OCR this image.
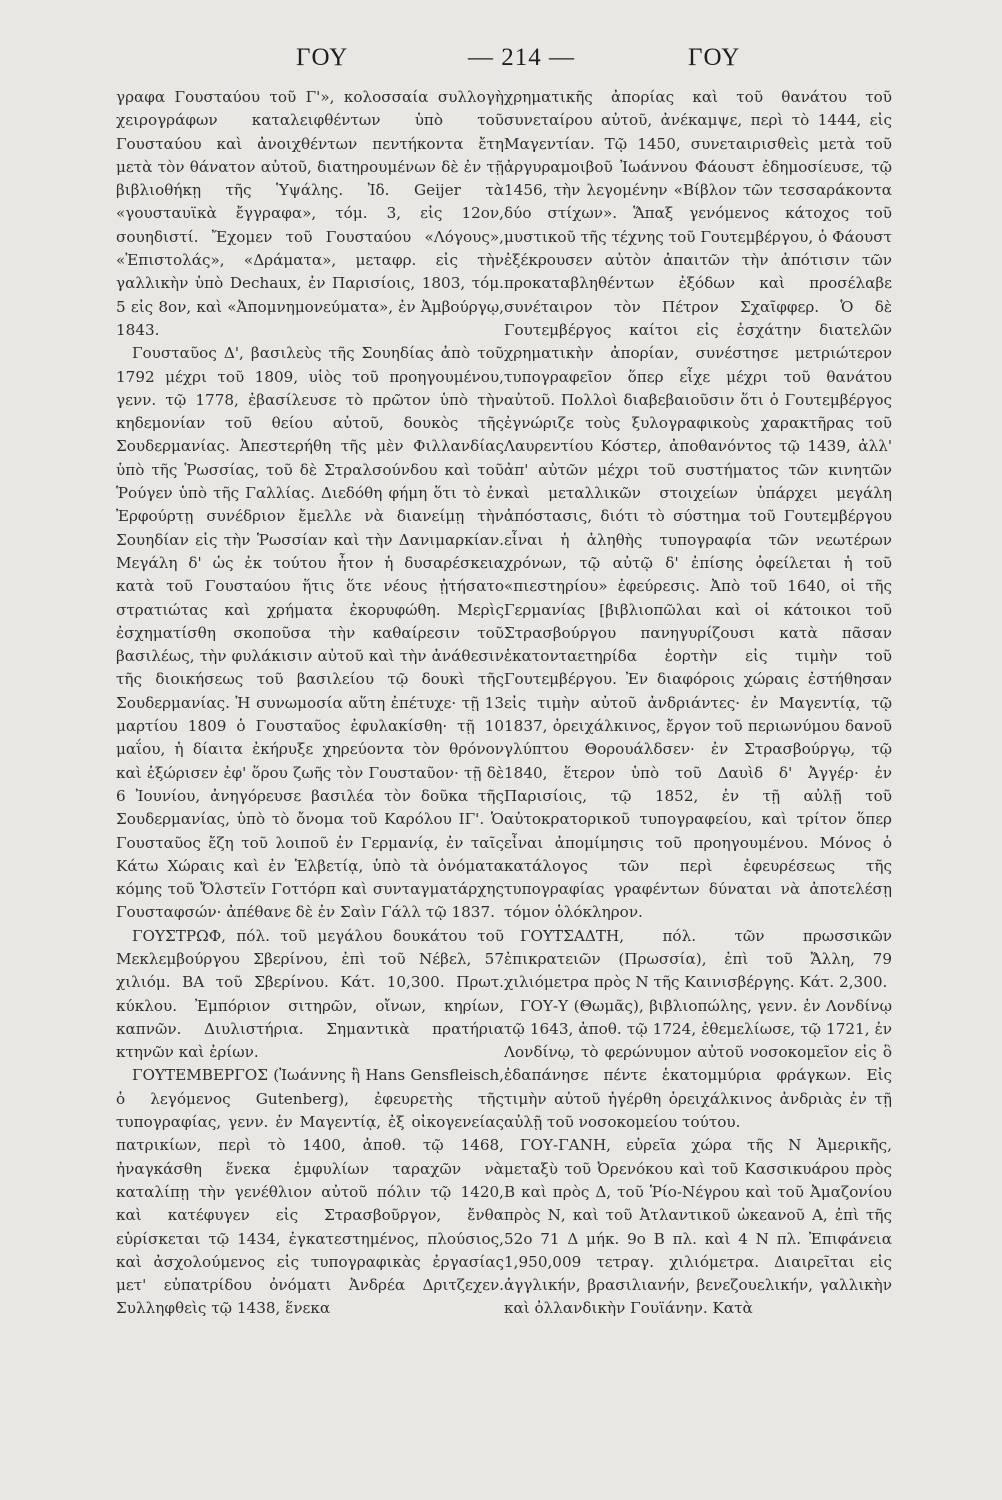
ΓΟΥ	— 214 —	ΓΟΥ

γραφα Γουσταύου τοῦ Γ'», κολοσσαία συλλογὴ χειρογράφων καταλειφθέντων ὑπὸ τοῦ Γουσταύου καὶ ἀνοιχθέντων πεντήκοντα ἔτη μετὰ τὸν θάνατον αὐτοῦ, διατηρουμένων δὲ ἐν τῇ βιβλιοθήκῃ τῆς Ὑψάλης. Ἰδ. Geijer τὰ «γουσταυϊκὰ ἔγγραφα», τόμ. 3, εἰς 12ον, σουηδιστί. Ἔχομεν τοῦ Γουσταύου «Λόγους», «Ἐπιστολάς», «Δράματα», μεταφρ. εἰς τὴν γαλλικὴν ὑπὸ Dechaux, ἐν Παρισίοις, 1803, τόμ. 5 εἰς 8ον, καὶ «Ἀπομνημονεύματα», ἐν Ἀμβούργῳ, 1843.

Γουσταῦος Δ', βασιλεὺς τῆς Σουηδίας ἀπὸ τοῦ 1792 μέχρι τοῦ 1809, υἱὸς τοῦ προηγουμένου, γενν. τῷ 1778, ἐβασίλευσε τὸ πρῶτον ὑπὸ τὴν κηδεμονίαν τοῦ θείου αὐτοῦ, δουκὸς τῆς Σουδερμανίας. Ἀπεστερήθη τῆς μὲν Φιλλανδίας ὑπὸ τῆς Ῥωσσίας, τοῦ δὲ Στραλσούνδου καὶ τοῦ Ῥούγεν ὑπὸ τῆς Γαλλίας. Διεδόθη φήμη ὅτι τὸ ἐν Ἐρφούρτῃ συνέδριον ἔμελλε νὰ διανείμῃ τὴν Σουηδίαν εἰς τὴν Ῥωσσίαν καὶ τὴν Δανιμαρκίαν. Μεγάλη δ' ὡς ἐκ τούτου ἦτον ἡ δυσαρέσκεια κατὰ τοῦ Γουσταύου ἥτις ὅτε νέους ᾐτήσατο στρατιώτας καὶ χρήματα ἐκορυφώθη. Μερὶς ἐσχηματίσθη σκοποῦσα τὴν καθαίρεσιν τοῦ βασιλέως, τὴν φυλάκισιν αὐτοῦ καὶ τὴν ἀνάθεσιν τῆς διοικήσεως τοῦ βασιλείου τῷ δουκὶ τῆς Σουδερμανίας. Ἡ συνωμοσία αὕτη ἐπέτυχε· τῇ 13 μαρτίου 1809 ὁ Γουσταῦος ἐφυλακίσθη· τῇ 10 μαΐου, ἡ δίαιτα ἐκήρυξε χηρεύοντα τὸν θρόνον καὶ ἐξώρισεν ἐφ' ὅρου ζωῆς τὸν Γουσταῦον· τῇ δὲ 6 Ἰουνίου, ἀνηγόρευσε βασιλέα τὸν δοῦκα τῆς Σουδερμανίας, ὑπὸ τὸ ὄνομα τοῦ Καρόλου ΙΓ'. Ὁ Γουσταῦος ἔζη τοῦ λοιποῦ ἐν Γερμανίᾳ, ἐν ταῖς Κάτω Χώραις καὶ ἐν Ἑλβετίᾳ, ὑπὸ τὰ ὀνόματα κόμης τοῦ Ὄλστεϊν Γοττόρπ καὶ συνταγματάρχης Γουσταφσών· ἀπέθανε δὲ ἐν Σαὶν Γάλλ τῷ 1837.

ΓΟΥΣΤΡΩΦ, πόλ. τοῦ μεγάλου δουκάτου τοῦ Μεκλεμβούργου Σβερίνου, ἐπὶ τοῦ Νέβελ, 57 χιλιόμ. ΒΑ τοῦ Σβερίνου. Κάτ. 10,300. Πρωτ. κύκλου. Ἐμπόριον σιτηρῶν, οἴνων, κηρίων, καπνῶν. Διυλιστήρια. Σημαντικὰ πρατήρια κτηνῶν καὶ ἐρίων.

ΓΟΥΤΕΜΒΕΡΓΟΣ (Ἰωάννης ἢ Hans Gensfleisch, ὁ λεγόμενος Gutenberg), ἐφευρετὴς τῆς τυπογραφίας, γενν. ἐν Μαγεντίᾳ, ἐξ οἰκογενείας πατρικίων, περὶ τὸ 1400, ἀποθ. τῷ 1468, ἠναγκάσθη ἕνεκα ἐμφυλίων ταραχῶν νὰ καταλίπῃ τὴν γενέθλιον αὐτοῦ πόλιν τῷ 1420, καὶ κατέφυγεν εἰς Στρασβοῦργον, ἔνθα εὑρίσκεται τῷ 1434, ἐγκατεστημένος, πλούσιος, καὶ ἀσχολούμενος εἰς τυπογραφικὰς ἐργασίας μετ' εὐπατρίδου ὀνόματι Ἀνδρέα Δριτζεχεν. Συλληφθεὶς τῷ 1438, ἕνεκα

χρηματικῆς ἀπορίας καὶ τοῦ θανάτου τοῦ συνεταίρου αὐτοῦ, ἀνέκαμψε, περὶ τὸ 1444, εἰς Μαγεντίαν. Τῷ 1450, συνεταιρισθεὶς μετὰ τοῦ ἀργυραμοιβοῦ Ἰωάννου Φάουστ ἐδημοσίευσε, τῷ 1456, τὴν λεγομένην «Βίβλον τῶν τεσσαράκοντα δύο στίχων». Ἅπαξ γενόμενος κάτοχος τοῦ μυστικοῦ τῆς τέχνης τοῦ Γουτεμβέργου, ὁ Φάουστ ἐξέκρουσεν αὐτὸν ἀπαιτῶν τὴν ἀπότισιν τῶν προκαταβληθέντων ἐξόδων καὶ προσέλαβε συνέταιρον τὸν Πέτρον Σχαῖφφερ. Ὁ δὲ Γουτεμβέργος καίτοι εἰς ἐσχάτην διατελῶν χρηματικὴν ἀπορίαν, συνέστησε μετριώτερον τυπογραφεῖον ὅπερ εἶχε μέχρι τοῦ θανάτου αὐτοῦ. Πολλοὶ διαβεβαιοῦσιν ὅτι ὁ Γουτεμβέργος ἐγνώριζε τοὺς ξυλογραφικοὺς χαρακτῆρας τοῦ Λαυρεντίου Κόστερ, ἀποθανόντος τῷ 1439, ἀλλ' ἀπ' αὐτῶν μέχρι τοῦ συστήματος τῶν κινητῶν καὶ μεταλλικῶν στοιχείων ὑπάρχει μεγάλη ἀπόστασις, διότι τὸ σύστημα τοῦ Γουτεμβέργου εἶναι ἡ ἀληθὴς τυπογραφία τῶν νεωτέρων χρόνων, τῷ αὐτῷ δ' ἐπίσης ὀφείλεται ἡ τοῦ «πιεστηρίου» ἐφεύρεσις. Ἀπὸ τοῦ 1640, οἱ τῆς Γερμανίας [βιβλιοπῶλαι καὶ οἱ κάτοικοι τοῦ Στρασβούργου πανηγυρίζουσι κατὰ πᾶσαν ἑκατονταετηρίδα ἑορτὴν εἰς τιμὴν τοῦ Γουτεμβέργου. Ἐν διαφόροις χώραις ἐστήθησαν εἰς τιμὴν αὐτοῦ ἀνδριάντες· ἐν Μαγεντίᾳ, τῷ 1837, ὀρειχάλκινος, ἔργον τοῦ περιωνύμου δανοῦ γλύπτου Θορουάλδσεν· ἐν Στρασβούργῳ, τῷ 1840, ἕτερον ὑπὸ τοῦ Δαυὶδ δ' Ἀγγέρ· ἐν Παρισίοις, τῷ 1852, ἐν τῇ αὐλῇ τοῦ αὐτοκρατορικοῦ τυπογραφείου, καὶ τρίτον ὅπερ εἶναι ἀπομίμησις τοῦ προηγουμένου. Μόνος ὁ κατάλογος τῶν περὶ ἐφευρέσεως τῆς τυπογραφίας γραφέντων δύναται νὰ ἀποτελέσῃ τόμον ὁλόκληρον.

ΓΟΥΤΣΑΔΤΗ, πόλ. τῶν πρωσσικῶν ἐπικρατειῶν (Πρωσσία), ἐπὶ τοῦ Ἄλλη, 79 χιλιόμετρα πρὸς Ν τῆς Καινισβέργης. Κάτ. 2,300.

ΓΟΥ-Υ (Θωμᾶς), βιβλιοπώλης, γενν. ἐν Λονδίνῳ τῷ 1643, ἀποθ. τῷ 1724, ἐθεμελίωσε, τῷ 1721, ἐν Λονδίνῳ, τὸ φερώνυμον αὐτοῦ νοσοκομεῖον εἰς ὃ ἐδαπάνησε πέντε ἑκατομμύρια φράγκων. Εἰς τιμὴν αὐτοῦ ἠγέρθη ὀρειχάλκινος ἀνδριὰς ἐν τῇ αὐλῇ τοῦ νοσοκομείου τούτου.

ΓΟΥ-ΓΑΝΗ, εὐρεῖα χώρα τῆς Ν Ἀμερικῆς, μεταξὺ τοῦ Ὀρενόκου καὶ τοῦ Κασσικυάρου πρὸς Β καὶ πρὸς Δ, τοῦ Ῥίο-Νέγρου καὶ τοῦ Ἀμαζονίου πρὸς Ν, καὶ τοῦ Ἀτλαντικοῦ ὠκεανοῦ Α, ἐπὶ τῆς 52ο 71 Δ μήκ. 9ο Β πλ. καὶ 4 Ν πλ. Ἐπιφάνεια 1,950,009 τετραγ. χιλιόμετρα. Διαιρεῖται εἰς ἀγγλικήν, βρασιλιανήν, βενεζουελικήν, γαλλικὴν καὶ ὀλλανδικὴν Γουϊάνην. Κατὰ
